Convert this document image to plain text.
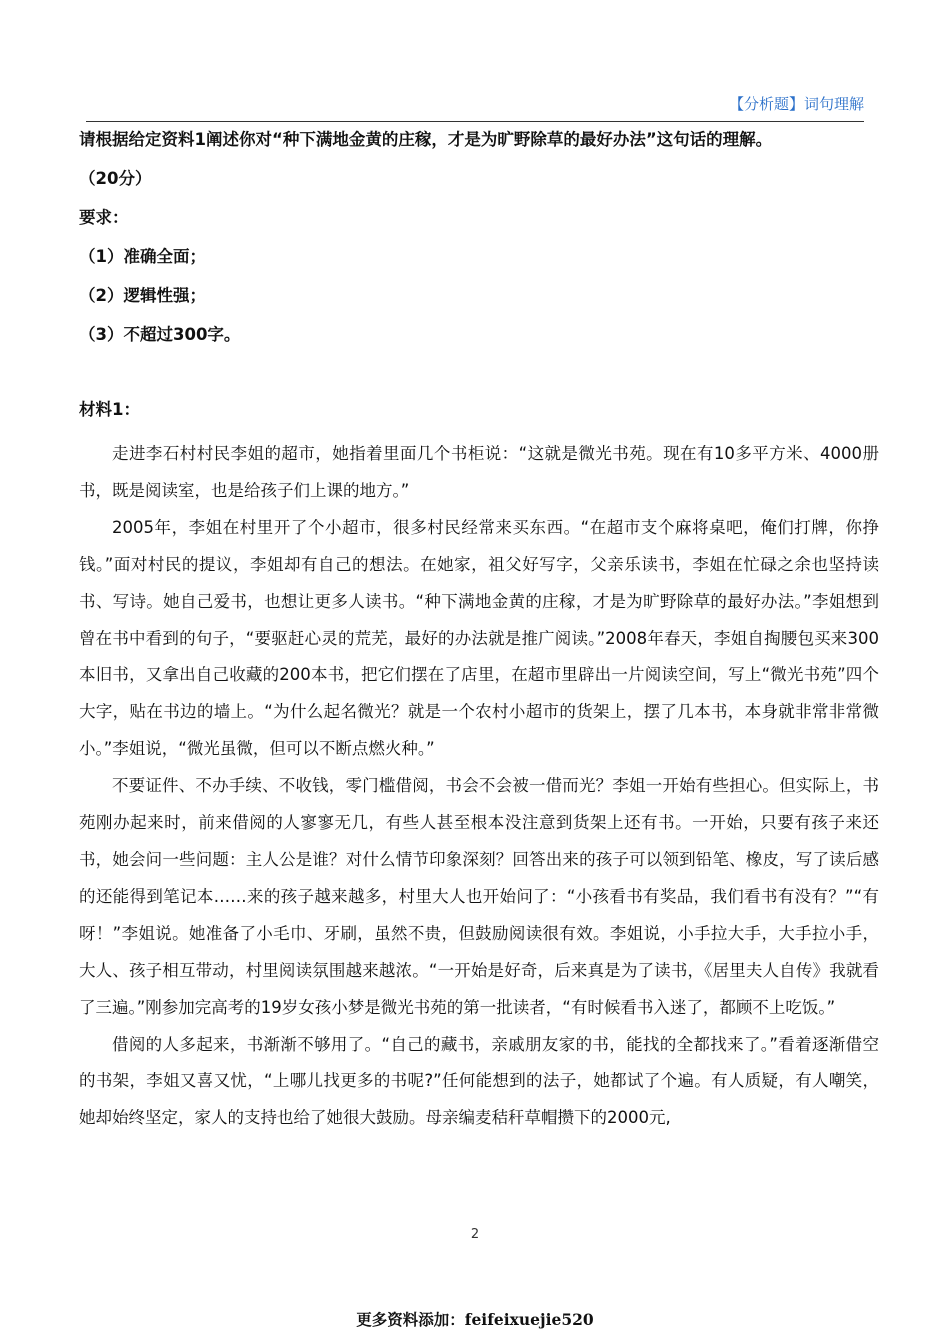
【分析题】词句理解
请根据给定资料1阐述你对“种下满地金黄的庄稼，才是为旷野除草的最好办法”这句话的理解。
（20分）
要求：
（1）准确全面；
（2）逻辑性强；
（3）不超过300字。
材料1：

走进李石村村民李姐的超市，她指着里面几个书柜说：“这就是微光书苑。现在有10多平方米、4000册书，既是阅读室，也是给孩子们上课的地方。”

2005年，李姐在村里开了个小超市，很多村民经常来买东西。“在超市支个麻将桌吧，俺们打牌，你挣钱。”面对村民的提议，李姐却有自己的想法。在她家，祖父好写字，父亲乐读书，李姐在忙碌之余也坚持读书、写诗。她自己爱书，也想让更多人读书。“种下满地金黄的庄稼，才是为旷野除草的最好办法。”李姐想到曾在书中看到的句子，“要驱赶心灵的荒芜，最好的办法就是推广阅读。”2008年春天，李姐自掏腰包买来300本旧书，又拿出自己收藏的200本书，把它们摆在了店里，在超市里辟出一片阅读空间，写上“微光书苑”四个大字，贴在书边的墙上。“为什么起名微光？就是一个农村小超市的货架上，摆了几本书，本身就非常非常微小。”李姐说，“微光虽微，但可以不断点燃火种。”

不要证件、不办手续、不收钱，零门槛借阅，书会不会被一借而光？李姐一开始有些担心。但实际上，书苑刚办起来时，前来借阅的人寥寥无几，有些人甚至根本没注意到货架上还有书。一开始，只要有孩子来还书，她会问一些问题：主人公是谁？对什么情节印象深刻？回答出来的孩子可以领到铅笔、橡皮，写了读后感的还能得到笔记本……来的孩子越来越多，村里大人也开始问了：“小孩看书有奖品，我们看书有没有？”“有呀！”李姐说。她准备了小毛巾、牙刷，虽然不贵，但鼓励阅读很有效。李姐说，小手拉大手，大手拉小手，大人、孩子相互带动，村里阅读氛围越来越浓。“一开始是好奇，后来真是为了读书，《居里夫人自传》我就看了三遍。”刚参加完高考的19岁女孩小梦是微光书苑的第一批读者，“有时候看书入迷了，都顾不上吃饭。”

借阅的人多起来，书渐渐不够用了。“自己的藏书，亲戚朋友家的书，能找的全都找来了。”看着逐渐借空的书架，李姐又喜又忧，“上哪儿找更多的书呢?”任何能想到的法子，她都试了个遍。有人质疑，有人嘲笑，她却始终坚定，家人的支持也给了她很大鼓励。母亲编麦秸秆草帽攒下的2000元,

2
更多资料添加：feifeixuejie520
